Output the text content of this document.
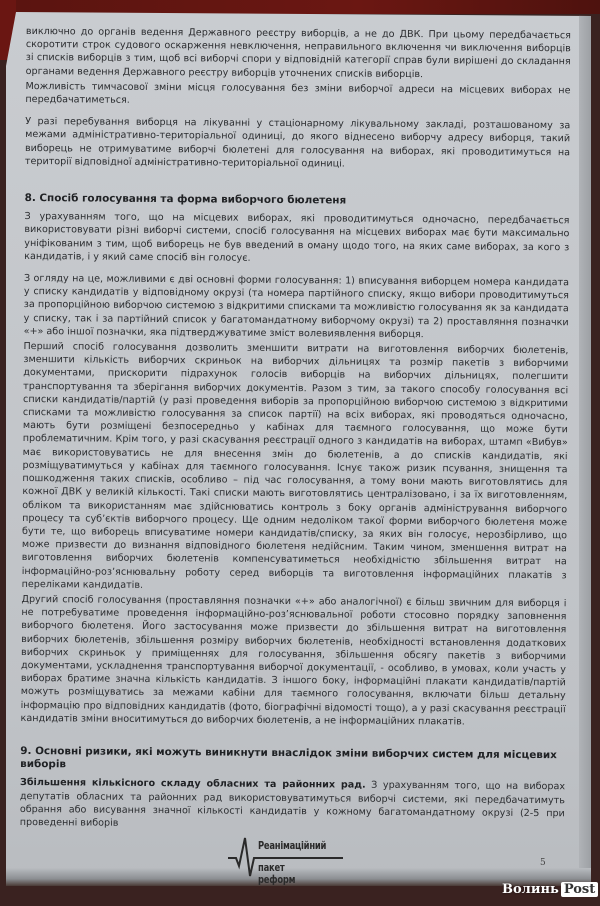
виключно до органів ведення Державного реєстру виборців, а не до ДВК. При цьому передбачається скоротити строк судового оскарження невключення, неправильного включення чи виключення виборців зі списків виборців з тим, щоб всі виборчі спори у відповідній категорії справ були вирішені до складання органами ведення Державного реєстру виборців уточнених списків виборців.

Можливість тимчасової зміни місця голосування без зміни виборчої адреси на місцевих виборах не передбачатиметься.

У разі перебування виборця на лікуванні у стаціонарному лікувальному закладі, розташованому за межами адміністративно-територіальної одиниці, до якого віднесено виборчу адресу виборця, такий виборець не отримуватиме виборчі бюлетені для голосування на виборах, які проводитимуться на території відповідної адміністративно-територіальної одиниці.

8. Спосіб голосування та форма виборчого бюлетеня

З урахуванням того, що на місцевих виборах, які проводитимуться одночасно, передбачається використовувати різні виборчі системи, спосіб голосування на місцевих виборах має бути максимально уніфікованим з тим, щоб виборець не був введений в оману щодо того, на яких саме виборах, за кого з кандидатів, і у який саме спосіб він голосує.

З огляду на це, можливими є дві основні форми голосування: 1) вписування виборцем номера кандидата у списку кандидатів у відповідному окрузі (та номера партійного списку, якщо вибори проводитимуться за пропорційною виборчою системою з відкритими списками та можливістю голосування як за кандидата у списку, так і за партійний список у багатомандатному виборчому окрузі) та 2) проставляння позначки «+» або іншої позначки, яка підтверджуватиме зміст волевиявлення виборця.

Перший спосіб голосування дозволить зменшити витрати на виготовлення виборчих бюлетенів, зменшити кількість виборчих скриньок на виборчих дільницях та розмір пакетів з виборчими документами, прискорити підрахунок голосів виборців на виборчих дільницях, полегшити транспортування та зберігання виборчих документів. Разом з тим, за такого способу голосування всі списки кандидатів/партій (у разі проведення виборів за пропорційною виборчою системою з відкритими списками та можливістю голосування за список партії) на всіх виборах, які проводяться одночасно, мають бути розміщені безпосередньо у кабінах для таємного голосування, що може бути проблематичним. Крім того, у разі скасування реєстрації одного з кандидатів на виборах, штамп «Вибув» має використовуватись не для внесення змін до бюлетенів, а до списків кандидатів, які розміщуватимуться у кабінах для таємного голосування. Існує також ризик псування, знищення та пошкодження таких списків, особливо – під час голосування, а тому вони мають виготовлятись для кожної ДВК у великій кількості. Такі списки мають виготовлятись централізовано, і за їх виготовленням, обліком та використанням має здійснюватись контроль з боку органів адміністрування виборчого процесу та суб’єктів виборчого процесу. Ще одним недоліком такої форми виборчого бюлетеня може бути те, що виборець вписуватиме номери кандидатів/списку, за яких він голосує, нерозбірливо, що може призвести до визнання відповідного бюлетеня недійсним. Таким чином, зменшення витрат на виготовлення виборчих бюлетенів компенсуватиметься необхідністю збільшення витрат на інформаційно-роз’яснювальну роботу серед виборців та виготовлення інформаційних плакатів з переліками кандидатів.

Другий спосіб голосування (проставляння позначки «+» або аналогічної) є більш звичним для виборця і не потребуватиме проведення інформаційно-роз’яснювальної роботи стосовно порядку заповнення виборчого бюлетеня. Його застосування може призвести до збільшення витрат на виготовлення виборчих бюлетенів, збільшення розміру виборчих бюлетенів, необхідності встановлення додаткових виборчих скриньок у приміщеннях для голосування, збільшення обсягу пакетів з виборчими документами, ускладнення транспортування виборчої документації, - особливо, в умовах, коли участь у виборах братиме значна кількість кандидатів. З іншого боку, інформаційні плакати кандидатів/партій можуть розміщуватись за межами кабіни для таємного голосування, включати більш детальну інформацію про відповідних кандидатів (фото, біографічні відомості тощо), а у разі скасування реєстрації кандидатів зміни вноситимуться до виборчих бюлетенів, а не інформаційних плакатів.

9. Основні ризики, які можуть виникнути внаслідок зміни виборчих систем для місцевих виборів

Збільшення кількісного складу обласних та районних рад. З урахуванням того, що на виборах депутатів обласних та районних рад використовуватимуться виборчі системи, які передбачатимуть обрання або висування значної кількості кандидатів у кожному багатомандатному окрузі (2-5 при проведенні виборів

Реанімаційний
пакет реформ
5
Волинь Post
